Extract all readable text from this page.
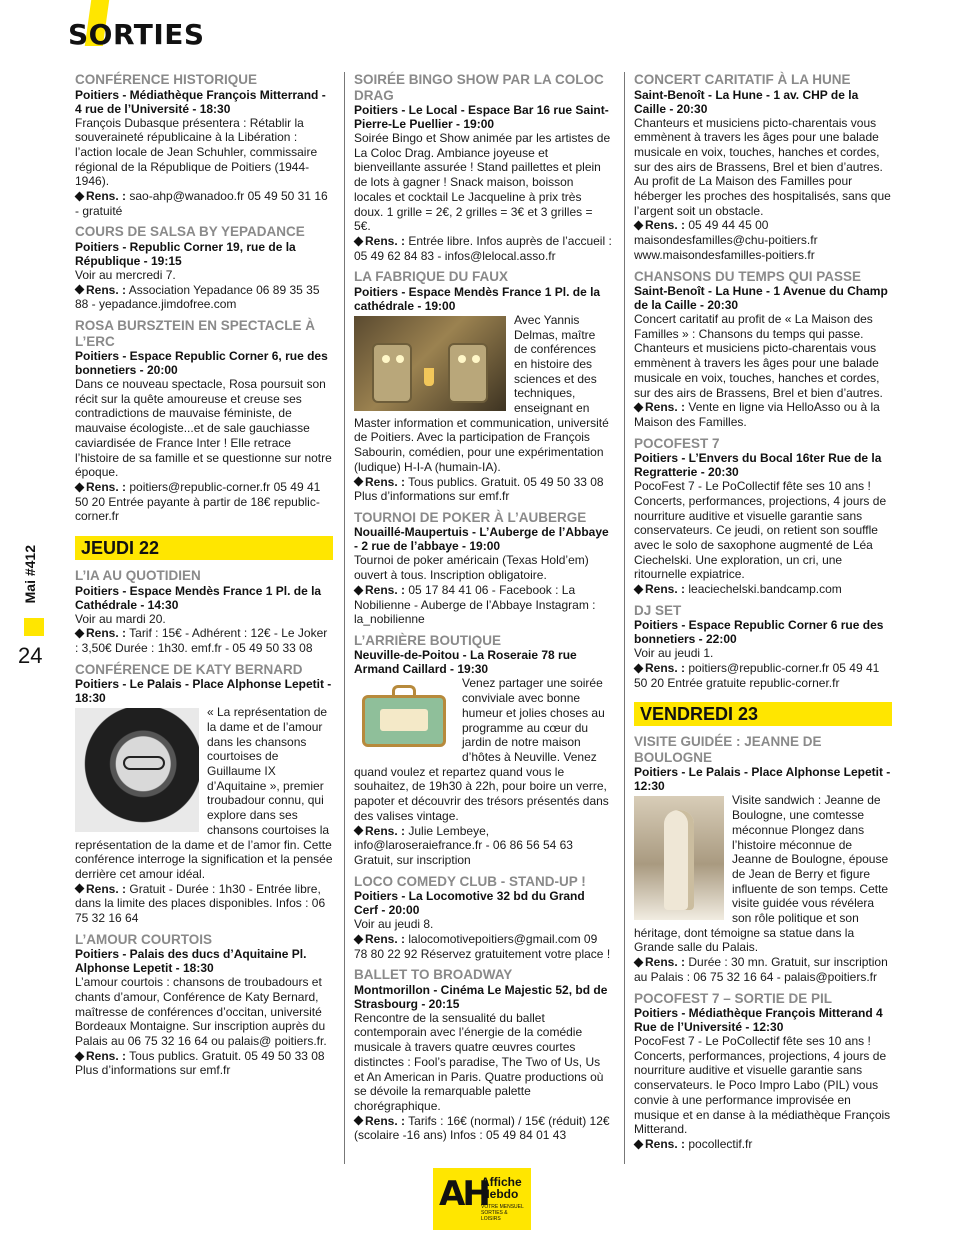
SORTIES
Mai #412
24
CONFÉRENCE HISTORIQUE
Poitiers - Médiathèque François Mitterrand - 4 rue de l’Université - 18:30
François Dubasque présentera : Rétablir la souveraineté républicaine à la Libération : l’action locale de Jean Schuhler, commissaire régional de la République de Poitiers (1944-1946).
Rens. : sao-ahp@wanadoo.fr 05 49 50 31 16 - gratuité
COURS DE SALSA BY YEPADANCE
Poitiers - Republic Corner 19, rue de la République - 19:15
Voir au mercredi 7.
Rens. : Association Yepadance 06 89 35 35 88 - yepadance.jimdofree.com
ROSA BURSZTEIN EN SPECTACLE À L’ERC
Poitiers - Espace Republic Corner 6, rue des bonnetiers - 20:00
Dans ce nouveau spectacle, Rosa poursuit son récit sur la quête amoureuse et creuse ses contradictions de mauvaise féministe, de mauvaise écologiste...et de sale gauchiasse caviardisée de France Inter ! Elle retrace l’histoire de sa famille et se questionne sur notre époque.
Rens. : poitiers@republic-corner.fr 05 49 41 50 20 Entrée payante à partir de 18€ republic-corner.fr
JEUDI 22
L’IA AU QUOTIDIEN
Poitiers - Espace Mendès France 1 Pl. de la Cathédrale - 14:30
Voir au mardi 20.
Rens. : Tarif : 15€ - Adhérent : 12€ - Le Joker : 3,50€ Durée : 1h30. emf.fr - 05 49 50 33 08
CONFÉRENCE DE KATY BERNARD
Poitiers - Le Palais - Place Alphonse Lepetit - 18:30
« La représentation de la dame et de l’amour dans les chansons courtoises de Guillaume IX d’Aquitaine », premier troubadour connu, qui explore dans ses chansons courtoises la représentation de la dame et de l’amor fin. Cette conférence interroge la signification et la pensée derrière cet amour idéal.
Rens. : Gratuit - Durée : 1h30 - Entrée libre, dans la limite des places disponibles. Infos : 06 75 32 16 64
L’AMOUR COURTOIS
Poitiers - Palais des ducs d’Aquitaine Pl. Alphonse Lepetit - 18:30
L’amour courtois : chansons de troubadours et chants d’amour, Conférence de Katy Bernard, maîtresse de conférences d’occitan, université Bordeaux Montaigne. Sur inscription auprès du Palais au 06 75 32 16 64 ou palais@ poitiers.fr.
Rens. : Tous publics. Gratuit. 05 49 50 33 08 Plus d’informations sur emf.fr
SOIRÉE BINGO SHOW PAR LA COLOC DRAG
Poitiers - Le Local - Espace Bar 16 rue Saint-Pierre-Le Puellier - 19:00
Soirée Bingo et Show animée par les artistes de La Coloc Drag. Ambiance joyeuse et bienveillante assurée ! Stand paillettes et plein de lots à gagner ! Snack maison, boisson locales et cocktail Le Jacqueline à prix très doux. 1 grille = 2€, 2 grilles = 3€ et 3 grilles = 5€.
Rens. : Entrée libre. Infos auprès de l’accueil : 05 49 62 84 83 - infos@lelocal.asso.fr
LA FABRIQUE DU FAUX
Poitiers - Espace Mendès France 1 Pl. de la cathédrale - 19:00
Avec Yannis Delmas, maître de conférences en histoire des sciences et des techniques, enseignant en Master information et communication, université de Poitiers. Avec la participation de François Sabourin, comédien, pour une expérimentation (ludique) H-I-A (humain-IA).
Rens. : Tous publics. Gratuit. 05 49 50 33 08 Plus d’informations sur emf.fr
TOURNOI DE POKER À L’AUBERGE
Nouaillé-Maupertuis - L’Auberge de l’Abbaye - 2 rue de l’abbaye - 19:00
Tournoi de poker américain (Texas Hold’em) ouvert à tous. Inscription obligatoire.
Rens. : 05 17 84 41 06 - Facebook : La Nobilienne - Auberge de l’Abbaye Instagram : la_nobilienne
L’ARRIÈRE BOUTIQUE
Neuville-de-Poitou - La Roseraie 78 rue Armand Caillard - 19:30
Venez partager une soirée conviviale avec bonne humeur et jolies choses au programme au cœur du jardin de notre maison d’hôtes à Neuville. Venez quand voulez et repartez quand vous le souhaitez, de 19h30 à 22h, pour boire un verre, papoter et découvrir des trésors présentés dans des valises vintage.
Rens. : Julie Lembeye, info@laroseraiefrance.fr - 06 86 56 54 63 Gratuit, sur inscription
LOCO COMEDY CLUB - STAND-UP !
Poitiers - La Locomotive 32 bd du Grand Cerf - 20:00
Voir au jeudi 8.
Rens. : lalocomotivepoitiers@gmail.com 09 78 80 22 92 Réservez gratuitement votre place !
BALLET TO BROADWAY
Montmorillon - Cinéma Le Majestic 52, bd de Strasbourg - 20:15
Rencontre de la sensualité du ballet contemporain avec l’énergie de la comédie musicale à travers quatre œuvres courtes distinctes : Fool’s paradise, The Two of Us, Us et An American in Paris. Quatre productions où se dévoile la remarquable palette chorégraphique.
Rens. : Tarifs : 16€ (normal) / 15€ (réduit) 12€ (scolaire -16 ans) Infos : 05 49 84 01 43
CONCERT CARITATIF À LA HUNE
Saint-Benoît - La Hune - 1 av. CHP de la Caille - 20:30
Chanteurs et musiciens picto-charentais vous emmènent à travers les âges pour une balade musicale en voix, touches, hanches et cordes, sur des airs de Brassens, Brel et bien d’autres. Au profit de La Maison des Familles pour héberger les proches des hospitalisés, sans que l’argent soit un obstacle.
Rens. : 05 49 44 45 00 maisondesfamilles@chu-poitiers.fr www.maisondesfamilles-poitiers.fr
CHANSONS DU TEMPS QUI PASSE
Saint-Benoît - La Hune - 1 Avenue du Champ de la Caille - 20:30
Concert caritatif au profit de « La Maison des Familles » : Chansons du temps qui passe. Chanteurs et musiciens picto-charentais vous emmènent à travers les âges pour une balade musicale en voix, touches, hanches et cordes, sur des airs de Brassens, Brel et bien d’autres.
Rens. : Vente en ligne via HelloAsso ou à la Maison des Familles.
POCOFEST 7
Poitiers - L’Envers du Bocal 16ter Rue de la Regratterie - 20:30
PocoFest 7 - Le PoCollectif fête ses 10 ans ! Concerts, performances, projections, 4 jours de nourriture auditive et visuelle garantie sans conservateurs. Ce jeudi, on retient son souffle avec le solo de saxophone augmenté de Léa Ciechelski. Une exploration, un cri, une ritournelle expiatrice.
Rens. : leaciechelski.bandcamp.com
DJ SET
Poitiers - Espace Republic Corner 6 rue des bonnetiers - 22:00
Voir au jeudi 1.
Rens. : poitiers@republic-corner.fr 05 49 41 50 20 Entrée gratuite republic-corner.fr
VENDREDI 23
VISITE GUIDÉE : JEANNE DE BOULOGNE
Poitiers - Le Palais - Place Alphonse Lepetit - 12:30
Visite sandwich : Jeanne de Boulogne, une comtesse méconnue Plongez dans l’histoire méconnue de Jeanne de Boulogne, épouse de Jean de Berry et figure influente de son temps. Cette visite guidée vous révélera son rôle politique et son héritage, dont témoigne sa statue dans la Grande salle du Palais.
Rens. : Durée : 30 mn. Gratuit, sur inscription au Palais : 06 75 32 16 64 - palais@poitiers.fr
POCOFEST 7 – SORTIE DE PIL
Poitiers - Médiathèque François Mitterand 4 Rue de l’Université - 12:30
PocoFest 7 - Le PoCollectif fête ses 10 ans ! Concerts, performances, projections, 4 jours de nourriture auditive et visuelle garantie sans conservateurs. le Poco Impro Labo (PIL) vous convie à une performance improvisée en musique et en danse à la médiathèque François Mitterand.
Rens. : pocollectif.fr
AH
Affiche
Hebdo
VOTRE MENSUEL SORTIES & LOISIRS
